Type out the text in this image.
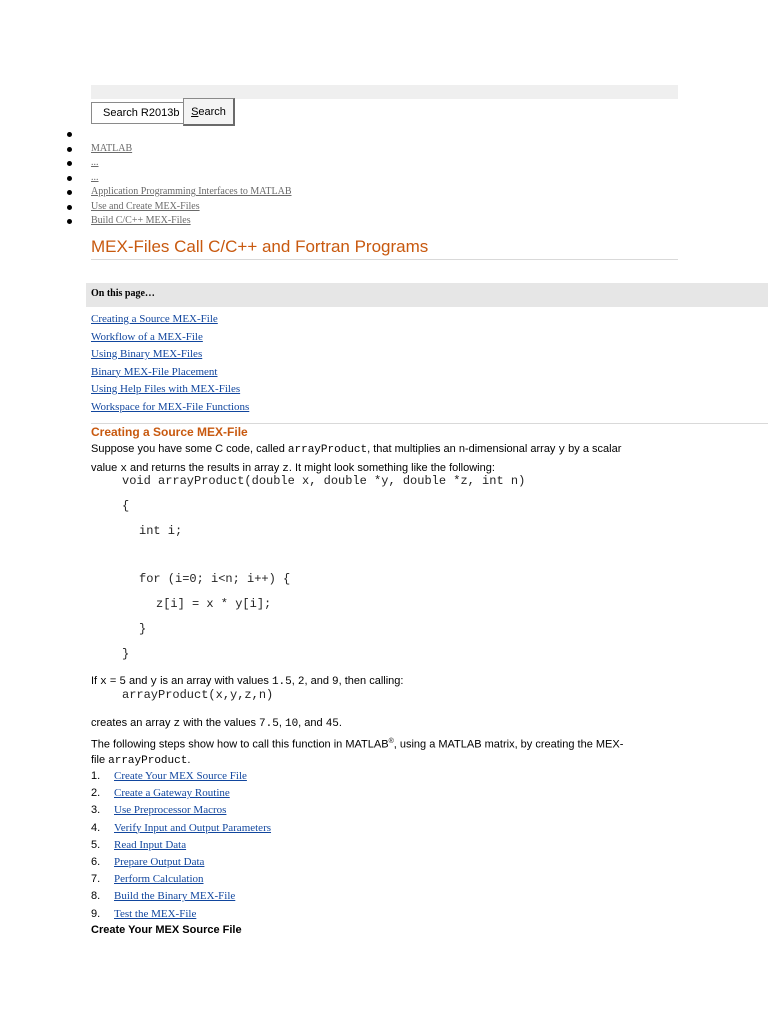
Search R2013b D
Search
MATLAB
...
...
Application Programming Interfaces to MATLAB
Use and Create MEX-Files
Build C/C++ MEX-Files
MEX-Files Call C/C++ and Fortran Programs
On this page…
Creating a Source MEX-File
Workflow of a MEX-File
Using Binary MEX-Files
Binary MEX-File Placement
Using Help Files with MEX-Files
Workspace for MEX-File Functions
Creating a Source MEX-File

Suppose you have some C code, called arrayProduct, that multiplies an n-dimensional array y by a scalar
value x and returns the results in array z. It might look something like the following:

void arrayProduct(double x, double *y, double *z, int n)
{
int i;
for (i=0; i<n; i++) {
z[i] = x * y[i];
}
}

If x = 5 and y is an array with values 1.5, 2, and 9, then calling:

arrayProduct(x,y,z,n)

creates an array z with the values 7.5, 10, and 45.

The following steps show how to call this function in MATLAB®, using a MATLAB matrix, by creating the MEX-
file arrayProduct.

1. Create Your MEX Source File
2. Create a Gateway Routine
3. Use Preprocessor Macros
4. Verify Input and Output Parameters
5. Read Input Data
6. Prepare Output Data
7. Perform Calculation
8. Build the Binary MEX-File
9. Test the MEX-File
Create Your MEX Source File
